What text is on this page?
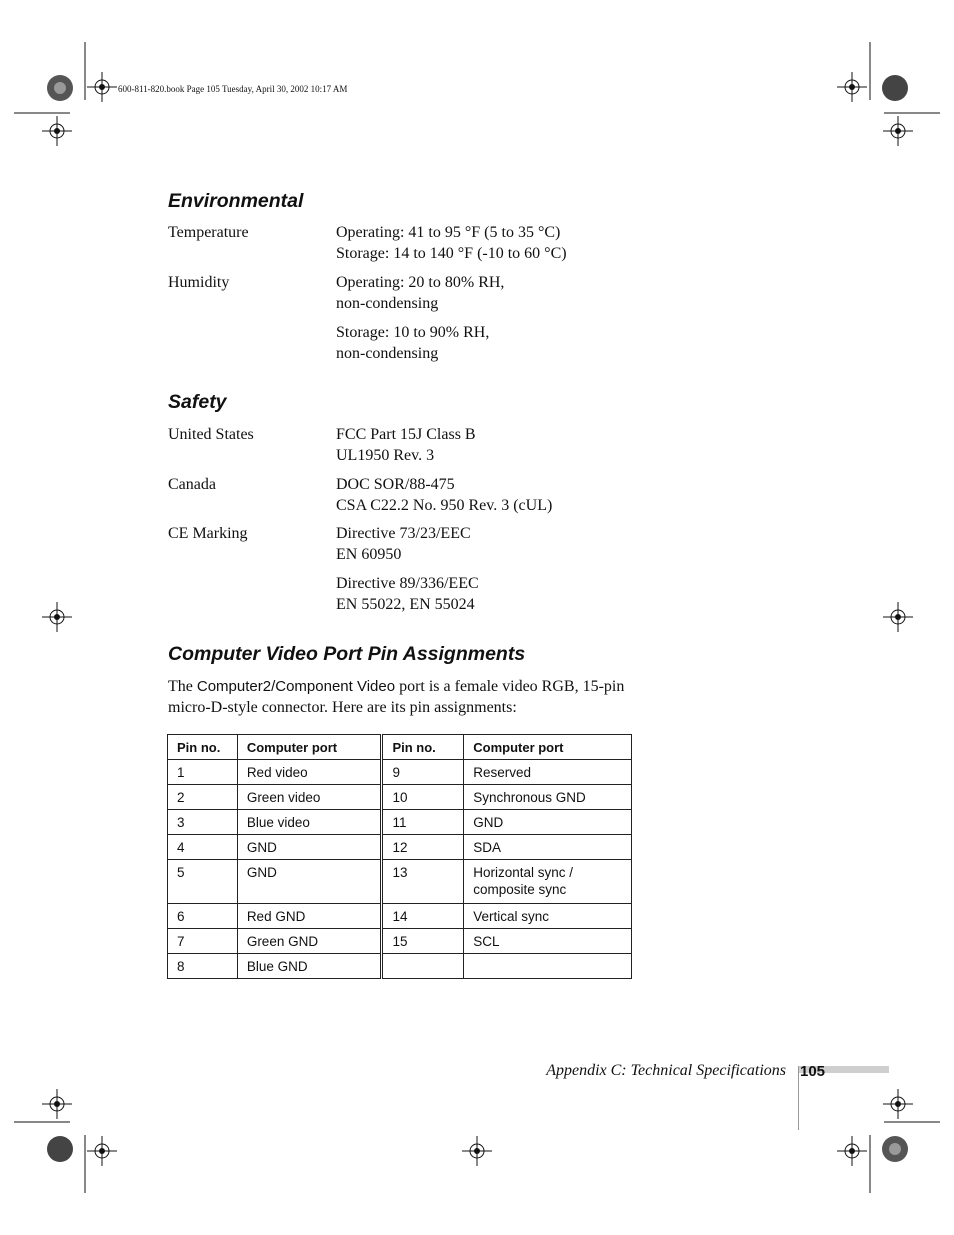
600-811-820.book Page 105 Tuesday, April 30, 2002 10:17 AM
Environmental
Temperature	Operating: 41 to 95 °F (5 to 35 °C)
Storage: 14 to 140 °F (-10 to 60 °C)
Humidity	Operating: 20 to 80% RH,
non-condensing
Storage: 10 to 90% RH,
non-condensing
Safety
United States	FCC Part 15J Class B
UL1950 Rev. 3
Canada	DOC SOR/88-475
CSA C22.2 No. 950 Rev. 3 (cUL)
CE Marking	Directive 73/23/EEC
EN 60950
Directive 89/336/EEC
EN 55022, EN 55024
Computer Video Port Pin Assignments
The Computer2/Component Video port is a female video RGB, 15-pin micro-D-style connector. Here are its pin assignments:
Pin no.	Computer port	Pin no.	Computer port
1	Red video	9	Reserved
2	Green video	10	Synchronous GND
3	Blue video	11	GND
4	GND	12	SDA
5	GND	13	Horizontal sync / composite sync
6	Red GND	14	Vertical sync
7	Green GND	15	SCL
8	Blue GND		
Appendix C: Technical Specifications 105
